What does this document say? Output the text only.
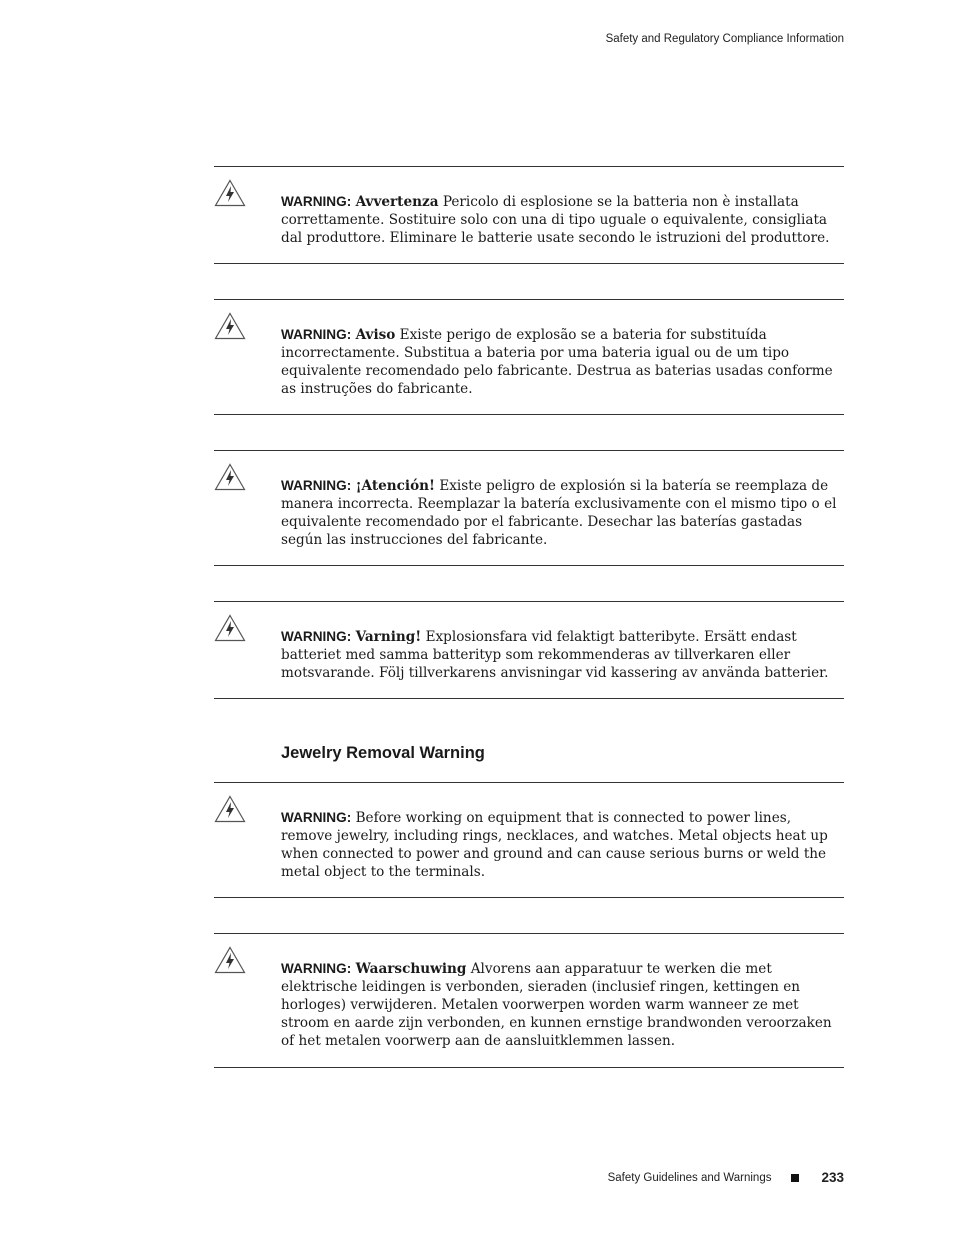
Safety and Regulatory Compliance Information
WARNING: Avvertenza Pericolo di esplosione se la batteria non è installata correttamente. Sostituire solo con una di tipo uguale o equivalente, consigliata dal produttore. Eliminare le batterie usate secondo le istruzioni del produttore.
WARNING: Aviso Existe perigo de explosão se a bateria for substituída incorrectamente. Substitua a bateria por uma bateria igual ou de um tipo equivalente recomendado pelo fabricante. Destrua as baterias usadas conforme as instruções do fabricante.
WARNING: ¡Atención! Existe peligro de explosión si la batería se reemplaza de manera incorrecta. Reemplazar la batería exclusivamente con el mismo tipo o el equivalente recomendado por el fabricante. Desechar las baterías gastadas según las instrucciones del fabricante.
WARNING: Varning! Explosionsfara vid felaktigt batteribyte. Ersätt endast batteriet med samma batterityp som rekommenderas av tillverkaren eller motsvarande. Följ tillverkarens anvisningar vid kassering av använda batterier.
Jewelry Removal Warning
WARNING: Before working on equipment that is connected to power lines, remove jewelry, including rings, necklaces, and watches. Metal objects heat up when connected to power and ground and can cause serious burns or weld the metal object to the terminals.
WARNING: Waarschuwing Alvorens aan apparatuur te werken die met elektrische leidingen is verbonden, sieraden (inclusief ringen, kettingen en horloges) verwijderen. Metalen voorwerpen worden warm wanneer ze met stroom en aarde zijn verbonden, en kunnen ernstige brandwonden veroorzaken of het metalen voorwerp aan de aansluitklemmen lassen.
Safety Guidelines and Warnings	233
